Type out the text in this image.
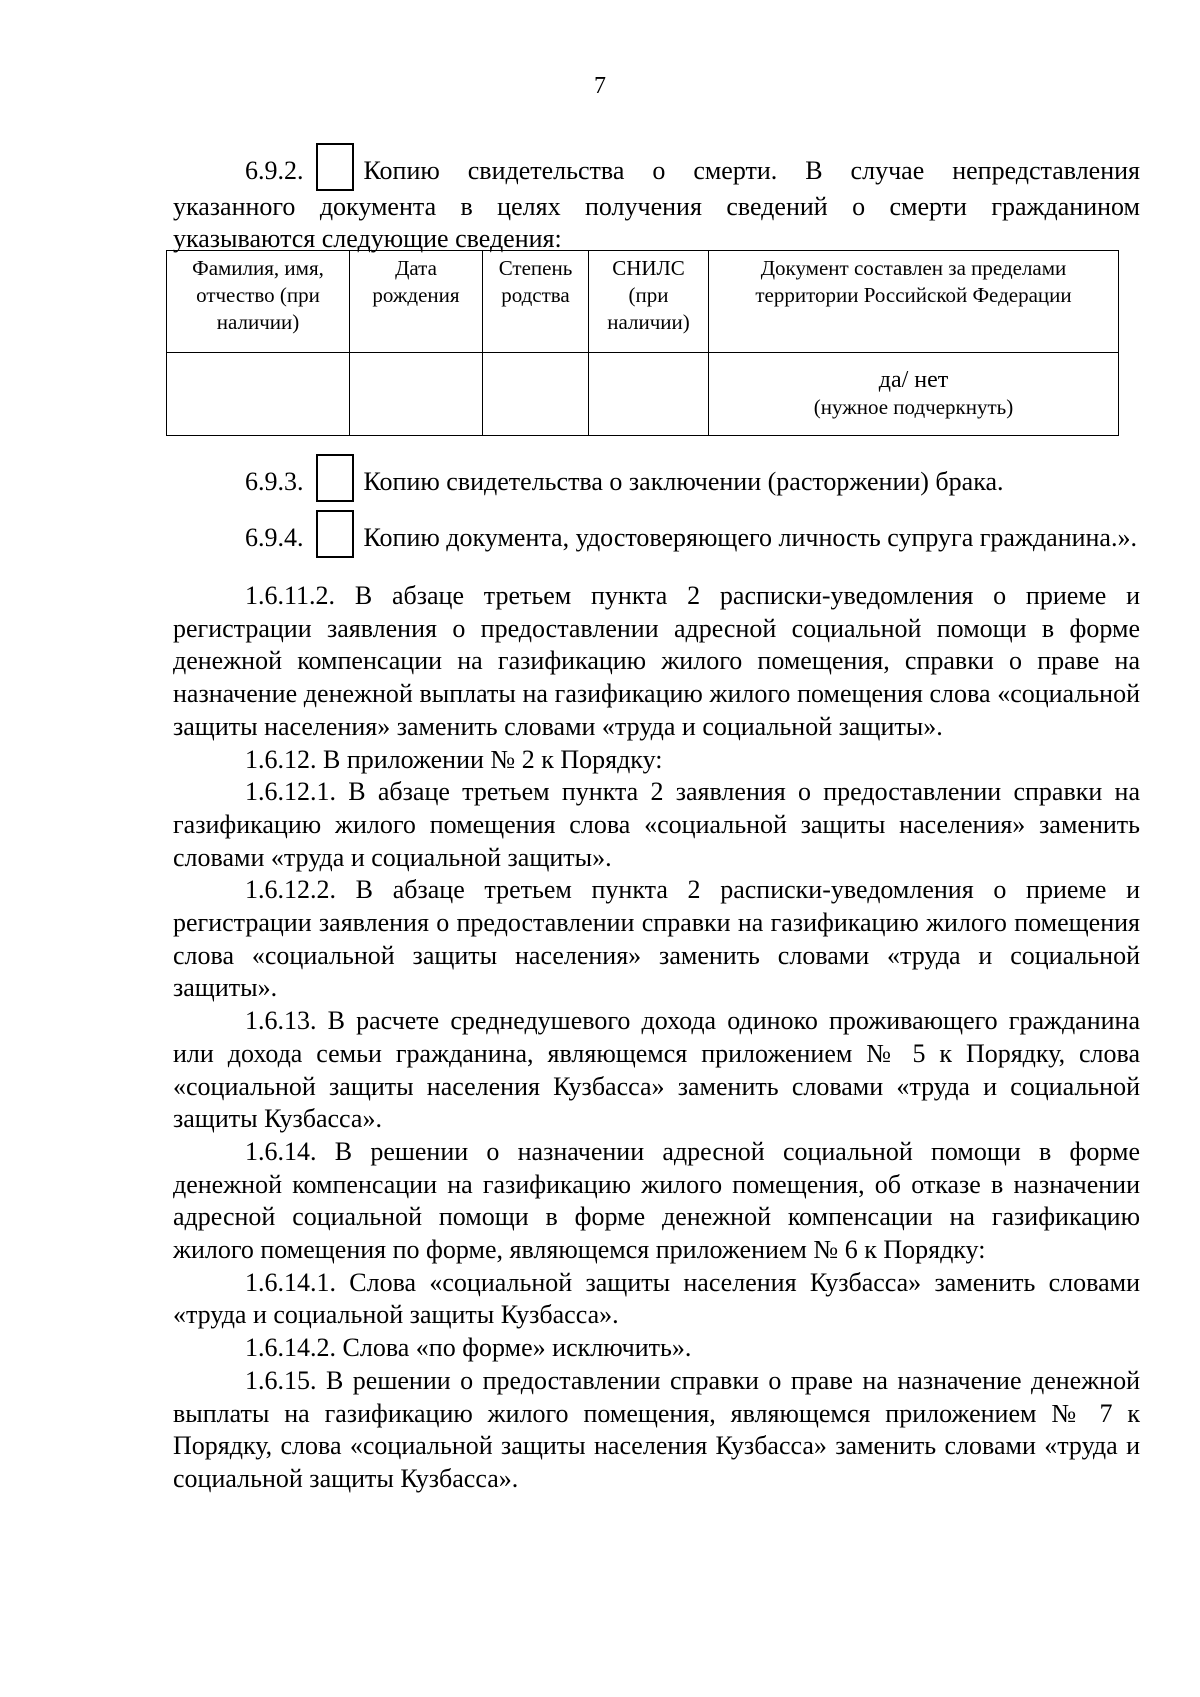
7

6.9.2. Копию свидетельства о смерти. В случае непредставления указанного документа в целях получения сведений о смерти гражданином указываются следующие сведения:

Фамилия, имя, отчество (при наличии)	Дата рождения	Степень родства	СНИЛС (при наличии)	Документ составлен за пределами территории Российской Федерации

				да/ нет
(нужное подчеркнуть)

6.9.3. Копию свидетельства о заключении (расторжении) брака.

6.9.4. Копию документа, удостоверяющего личность супруга гражданина.».

1.6.11.2. В абзаце третьем пункта 2 расписки-уведомления о приеме и регистрации заявления о предоставлении адресной социальной помощи в форме денежной компенсации на газификацию жилого помещения, справки о праве на назначение денежной выплаты на газификацию жилого помещения слова «социальной защиты населения» заменить словами «труда и социальной защиты».

1.6.12. В приложении № 2 к Порядку:

1.6.12.1. В абзаце третьем пункта 2 заявления о предоставлении справки на газификацию жилого помещения слова «социальной защиты населения» заменить словами «труда и социальной защиты».

1.6.12.2. В абзаце третьем пункта 2 расписки-уведомления о приеме и регистрации заявления о предоставлении справки на газификацию жилого помещения слова «социальной защиты населения» заменить словами «труда и социальной защиты».

1.6.13. В расчете среднедушевого дохода одиноко проживающего гражданина или дохода семьи гражданина, являющемся приложением № 5 к Порядку, слова «социальной защиты населения Кузбасса» заменить словами «труда и социальной защиты Кузбасса».

1.6.14. В решении о назначении адресной социальной помощи в форме денежной компенсации на газификацию жилого помещения, об отказе в назначении адресной социальной помощи в форме денежной компенсации на газификацию жилого помещения по форме, являющемся приложением № 6 к Порядку:

1.6.14.1. Слова «социальной защиты населения Кузбасса» заменить словами «труда и социальной защиты Кузбасса».

1.6.14.2. Слова «по форме» исключить».

1.6.15. В решении о предоставлении справки о праве на назначение денежной выплаты на газификацию жилого помещения, являющемся приложением № 7 к Порядку, слова «социальной защиты населения Кузбасса» заменить словами «труда и социальной защиты Кузбасса».
